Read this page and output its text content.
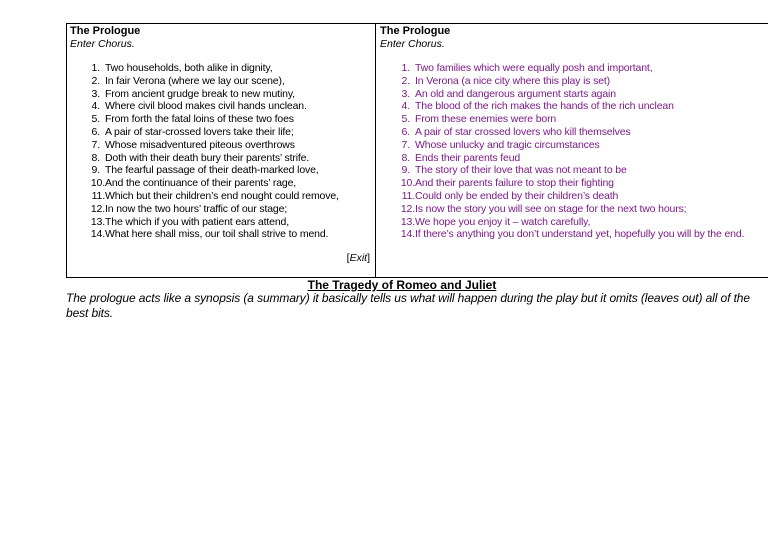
The Prologue
Enter Chorus.
1. Two households, both alike in dignity,
2. In fair Verona (where we lay our scene),
3. From ancient grudge break to new mutiny,
4. Where civil blood makes civil hands unclean.
5. From forth the fatal loins of these two foes
6. A pair of star-crossed lovers take their life;
7. Whose misadventured piteous overthrows
8. Doth with their death bury their parents’ strife.
9. The fearful passage of their death-marked love,
10. And the continuance of their parents’ rage,
11. Which but their children’s end nought could remove,
12. In now the two hours’ traffic of our stage;
13. The which if you with patient ears attend,
14. What here shall miss, our toil shall strive to mend.
[Exit]
The Prologue
Enter Chorus.
1. Two families which were equally posh and important,
2. In Verona (a nice city where this play is set)
3. An old and dangerous argument starts again
4. The blood of the rich makes the hands of the rich unclean
5. From these enemies were born
6. A pair of star crossed lovers who kill themselves
7. Whose unlucky and tragic circumstances
8. Ends their parents feud
9. The story of their love that was not meant to be
10. And their parents failure to stop their fighting
11. Could only be ended by their children’s death
12. Is now the story you will see on stage for the next two hours;
13. We hope you enjoy it – watch carefully,
14. If there’s anything you don’t understand yet, hopefully you will by the end.
The Tragedy of Romeo and Juliet
The prologue acts like a synopsis (a summary) it basically tells us what will happen during the play but it omits (leaves out) all of the best bits.
